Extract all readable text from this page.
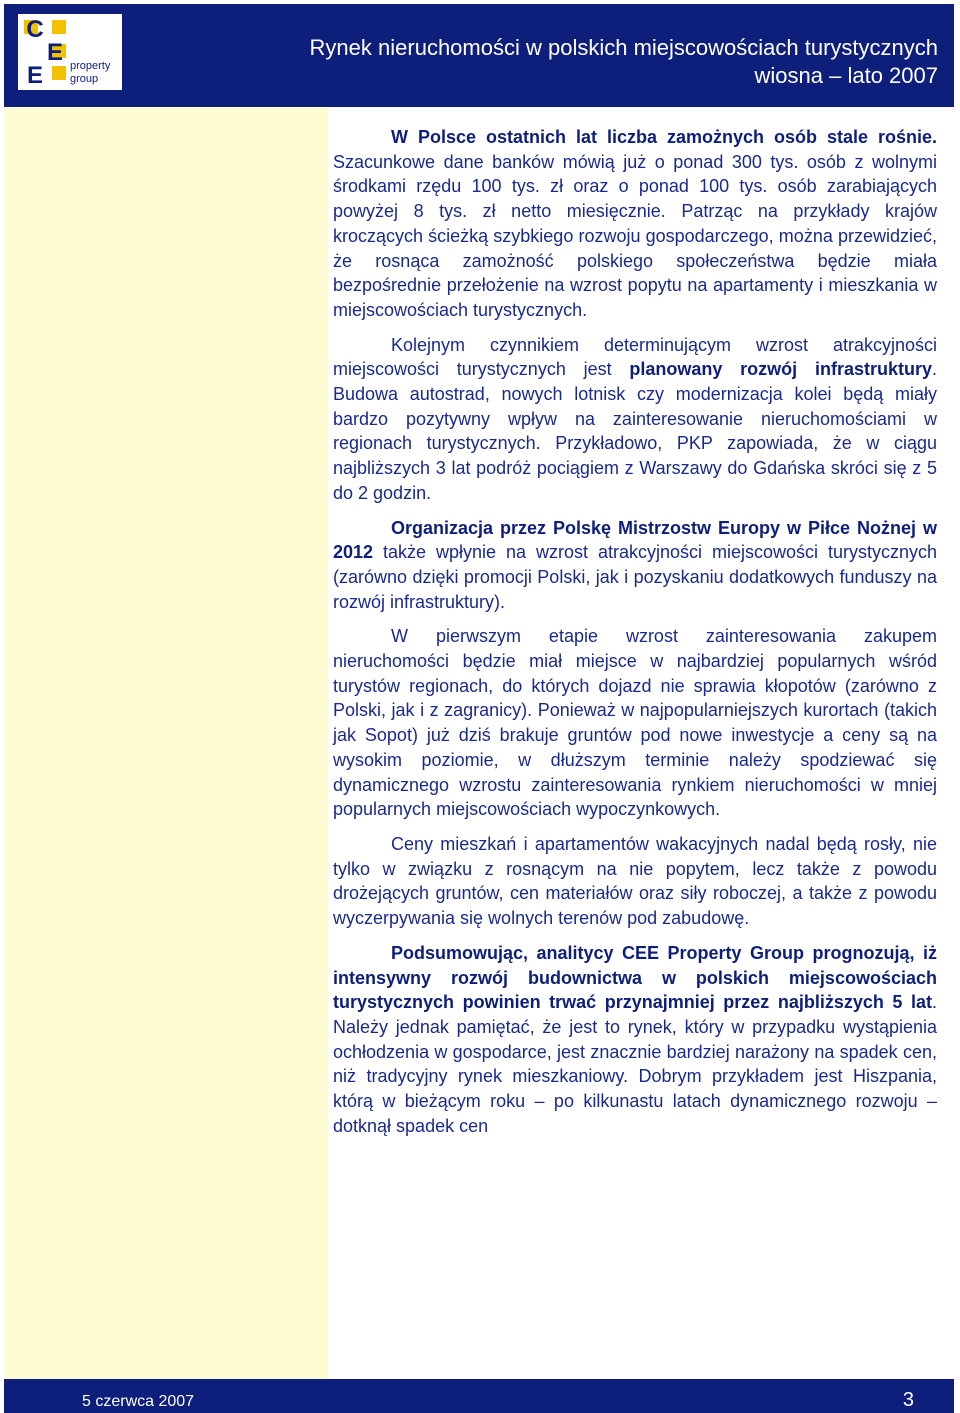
C
E
E	property
group
Rynek nieruchomości w polskich miejscowościach turystycznych
wiosna – lato 2007

W Polsce ostatnich lat liczba zamożnych osób stale rośnie. Szacunkowe dane banków mówią już o ponad 300 tys. osób z wolnymi środkami rzędu 100 tys. zł oraz o ponad 100 tys. osób zarabiających powyżej 8 tys. zł netto miesięcznie. Patrząc na przykłady krajów kroczących ścieżką szybkiego rozwoju gospodarczego, można przewidzieć, że rosnąca zamożność polskiego społeczeństwa będzie miała bezpośrednie przełożenie na wzrost popytu na apartamenty i mieszkania w miejscowościach turystycznych.

Kolejnym czynnikiem determinującym wzrost atrakcyjności miejscowości turystycznych jest planowany rozwój infrastruktury. Budowa autostrad, nowych lotnisk czy modernizacja kolei będą miały bardzo pozytywny wpływ na zainteresowanie nieruchomościami w regionach turystycznych. Przykładowo, PKP zapowiada, że w ciągu najbliższych 3 lat podróż pociągiem z Warszawy do Gdańska skróci się z 5 do 2 godzin.

Organizacja przez Polskę Mistrzostw Europy w Piłce Nożnej w 2012 także wpłynie na wzrost atrakcyjności miejscowości turystycznych (zarówno dzięki promocji Polski, jak i pozyskaniu dodatkowych funduszy na rozwój infrastruktury).

W pierwszym etapie wzrost zainteresowania zakupem nieruchomości będzie miał miejsce w najbardziej popularnych wśród turystów regionach, do których dojazd nie sprawia kłopotów (zarówno z Polski, jak i z zagranicy). Ponieważ w najpopularniejszych kurortach (takich jak Sopot) już dziś brakuje gruntów pod nowe inwestycje a ceny są na wysokim poziomie, w dłuższym terminie należy spodziewać się dynamicznego wzrostu zainteresowania rynkiem nieruchomości w mniej popularnych miejscowościach wypoczynkowych.

Ceny mieszkań i apartamentów wakacyjnych nadal będą rosły, nie tylko w związku z rosnącym na nie popytem, lecz także z powodu drożejących gruntów, cen materiałów oraz siły roboczej, a także z powodu wyczerpywania się wolnych terenów pod zabudowę.

Podsumowując, analitycy CEE Property Group prognozują, iż intensywny rozwój budownictwa w polskich miejscowościach turystycznych powinien trwać przynajmniej przez najbliższych 5 lat. Należy jednak pamiętać, że jest to rynek, który w przypadku wystąpienia ochłodzenia w gospodarce, jest znacznie bardziej narażony na spadek cen, niż tradycyjny rynek mieszkaniowy. Dobrym przykładem jest Hiszpania, którą w bieżącym roku – po kilkunastu latach dynamicznego rozwoju – dotknął spadek cen

5 czerwca 2007	3
